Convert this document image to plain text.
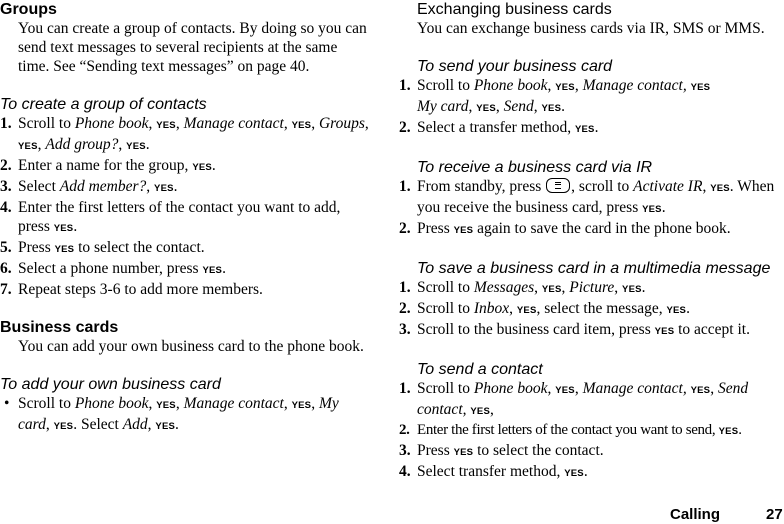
Groups
You can create a group of contacts. By doing so you can send text messages to several recipients at the same time. See “Sending text messages” on page 40.
To create a group of contacts
1. Scroll to Phone book, YES, Manage contact, YES, Groups, YES, Add group?, YES.
2. Enter a name for the group, YES.
3. Select Add member?, YES.
4. Enter the first letters of the contact you want to add, press YES.
5. Press YES to select the contact.
6. Select a phone number, press YES.
7. Repeat steps 3-6 to add more members.
Business cards
You can add your own business card to the phone book.
To add your own business card
• Scroll to Phone book, YES, Manage contact, YES, My card, YES. Select Add, YES.
Exchanging business cards
You can exchange business cards via IR, SMS or MMS.
To send your business card
1. Scroll to Phone book, YES, Manage contact, YES
My card, YES, Send, YES.
2. Select a transfer method, YES.
To receive a business card via IR
1. From standby, press , scroll to Activate IR, YES. When you receive the business card, press YES.
2. Press YES again to save the card in the phone book.
To save a business card in a multimedia message
1. Scroll to Messages, YES, Picture, YES.
2. Scroll to Inbox, YES, select the message, YES.
3. Scroll to the business card item, press YES to accept it.
To send a contact
1. Scroll to Phone book, YES, Manage contact, YES, Send contact, YES,
2. Enter the first letters of the contact you want to send, YES.
3. Press YES to select the contact.
4. Select transfer method, YES.
Calling	27
